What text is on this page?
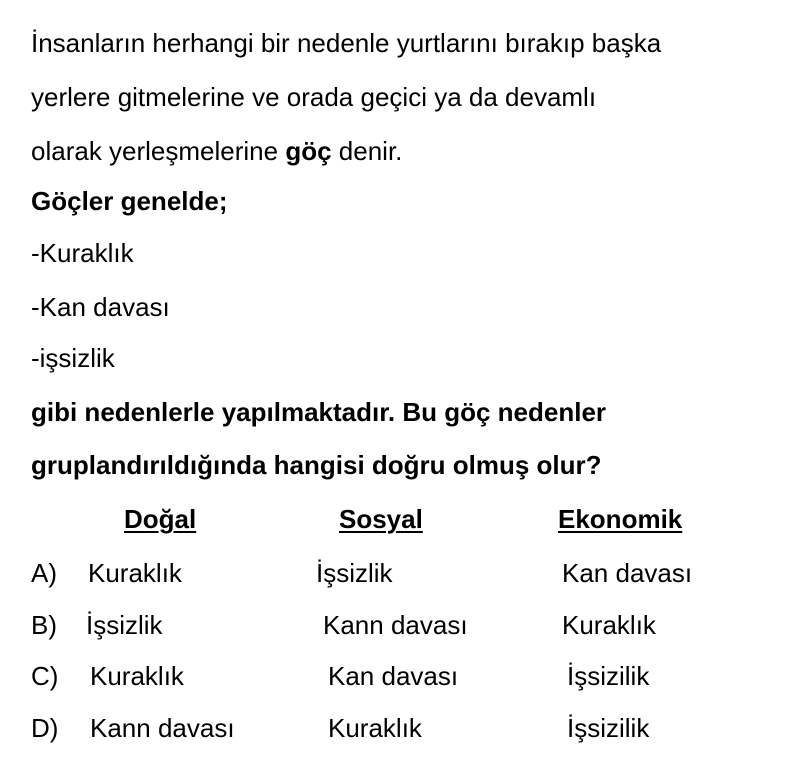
İnsanların herhangi bir nedenle yurtlarını bırakıp başka
yerlere gitmelerine ve orada geçici ya da devamlı
olarak yerleşmelerine göç denir.
Göçler genelde;
-Kuraklık
-Kan davası
-işsizlik
gibi nedenlerle yapılmaktadır. Bu göç nedenler
gruplandırıldığında hangisi doğru olmuş olur?
Doğal	Sosyal	Ekonomik
A) Kuraklık	İşsizlik	Kan davası
B) İşsizlik	Kann davası	Kuraklık
C) Kuraklık	Kan davası	İşsizilik
D) Kann davası	Kuraklık	İşsizilik
